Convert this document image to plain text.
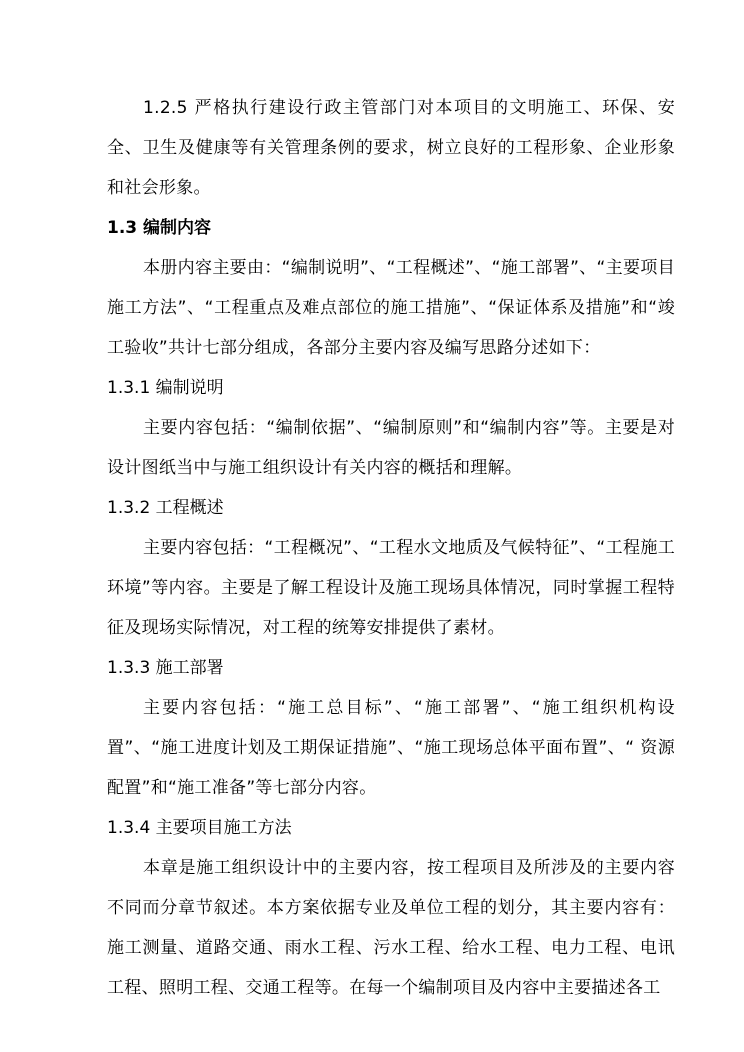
1.2.5 严格执行建设行政主管部门对本项目的文明施工、环保、安全、卫生及健康等有关管理条例的要求，树立良好的工程形象、企业形象和社会形象。

1.3 编制内容

本册内容主要由：“编制说明”、“工程概述”、“施工部署”、“主要项目施工方法”、“工程重点及难点部位的施工措施”、“保证体系及措施”和“竣工验收”共计七部分组成，各部分主要内容及编写思路分述如下：

1.3.1 编制说明

主要内容包括：“编制依据”、“编制原则”和“编制内容”等。主要是对设计图纸当中与施工组织设计有关内容的概括和理解。

1.3.2 工程概述

主要内容包括：“工程概况”、“工程水文地质及气候特征”、“工程施工环境”等内容。主要是了解工程设计及施工现场具体情况，同时掌握工程特征及现场实际情况，对工程的统筹安排提供了素材。

1.3.3 施工部署

主要内容包括：“施工总目标”、“施工部署”、“施工组织机构设置”、“施工进度计划及工期保证措施”、“施工现场总体平面布置”、“ 资源配置”和“施工准备”等七部分内容。

1.3.4 主要项目施工方法

本章是施工组织设计中的主要内容，按工程项目及所涉及的主要内容不同而分章节叙述。本方案依据专业及单位工程的划分，其主要内容有：施工测量、道路交通、雨水工程、污水工程、给水工程、电力工程、电讯工程、照明工程、交通工程等。在每一个编制项目及内容中主要描述各工
